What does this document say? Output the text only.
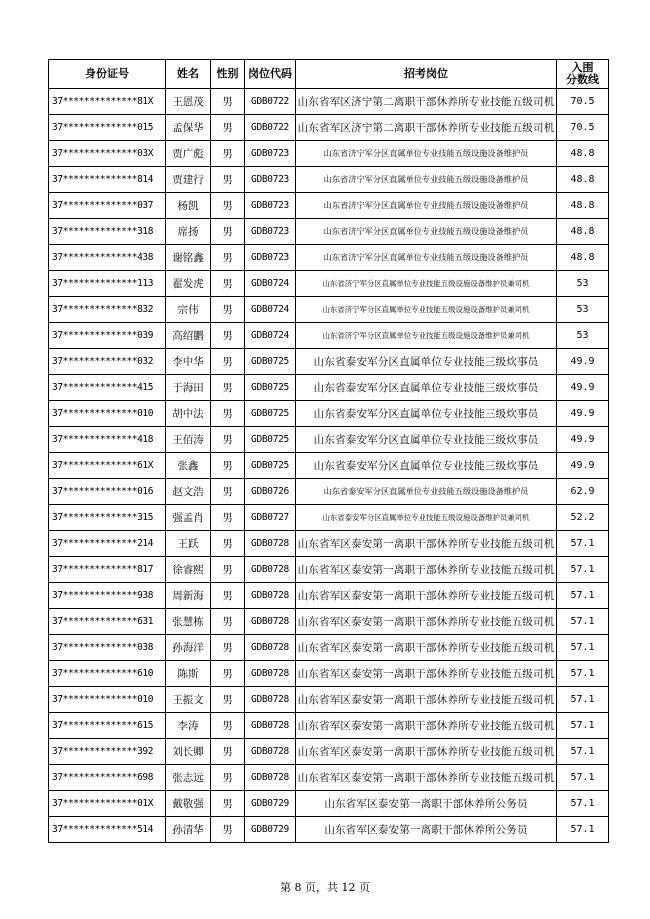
身份证号	姓名	性别	岗位代码	招考岗位	入围
分数线
37**************81X	王恩茂	男	GDB0722	山东省军区济宁第二离职干部休养所专业技能五级司机	70.5
37**************015	孟保华	男	GDB0722	山东省军区济宁第二离职干部休养所专业技能五级司机	70.5
37**************03X	贾广彪	男	GDB0723	山东省济宁军分区直属单位专业技能五级设施设备维护员	48.8
37**************814	贾建行	男	GDB0723	山东省济宁军分区直属单位专业技能五级设施设备维护员	48.8
37**************037	杨凯	男	GDB0723	山东省济宁军分区直属单位专业技能五级设施设备维护员	48.8
37**************318	席扬	男	GDB0723	山东省济宁军分区直属单位专业技能五级设施设备维护员	48.8
37**************438	谢铭鑫	男	GDB0723	山东省济宁军分区直属单位专业技能五级设施设备维护员	48.8
37**************113	翟发虎	男	GDB0724	山东省济宁军分区直属单位专业技能五级设施设备维护员兼司机	53
37**************832	宗伟	男	GDB0724	山东省济宁军分区直属单位专业技能五级设施设备维护员兼司机	53
37**************039	高绍鹏	男	GDB0724	山东省济宁军分区直属单位专业技能五级设施设备维护员兼司机	53
37**************032	李中华	男	GDB0725	山东省泰安军分区直属单位专业技能三级炊事员	49.9
37**************415	于海田	男	GDB0725	山东省泰安军分区直属单位专业技能三级炊事员	49.9
37**************010	胡中法	男	GDB0725	山东省泰安军分区直属单位专业技能三级炊事员	49.9
37**************418	王佰涛	男	GDB0725	山东省泰安军分区直属单位专业技能三级炊事员	49.9
37**************61X	张鑫	男	GDB0725	山东省泰安军分区直属单位专业技能三级炊事员	49.9
37**************016	赵文浩	男	GDB0726	山东省泰安军分区直属单位专业技能五级设施设备维护员	62.9
37**************315	强孟肖	男	GDB0727	山东省泰安军分区直属单位专业技能五级设施设备维护员兼司机	52.2
37**************214	王跃	男	GDB0728	山东省军区泰安第一离职干部休养所专业技能五级司机	57.1
37**************817	徐睿熙	男	GDB0728	山东省军区泰安第一离职干部休养所专业技能五级司机	57.1
37**************938	周新海	男	GDB0728	山东省军区泰安第一离职干部休养所专业技能五级司机	57.1
37**************631	张慧栋	男	GDB0728	山东省军区泰安第一离职干部休养所专业技能五级司机	57.1
37**************038	孙海洋	男	GDB0728	山东省军区泰安第一离职干部休养所专业技能五级司机	57.1
37**************610	陈斯	男	GDB0728	山东省军区泰安第一离职干部休养所专业技能五级司机	57.1
37**************010	王振文	男	GDB0728	山东省军区泰安第一离职干部休养所专业技能五级司机	57.1
37**************615	李涛	男	GDB0728	山东省军区泰安第一离职干部休养所专业技能五级司机	57.1
37**************392	刘长卿	男	GDB0728	山东省军区泰安第一离职干部休养所专业技能五级司机	57.1
37**************698	张志远	男	GDB0728	山东省军区泰安第一离职干部休养所专业技能五级司机	57.1
37**************01X	戴敬强	男	GDB0729	山东省军区泰安第一离职干部休养所公务员	57.1
37**************514	孙清华	男	GDB0729	山东省军区泰安第一离职干部休养所公务员	57.1
第 8 页，共 12 页
